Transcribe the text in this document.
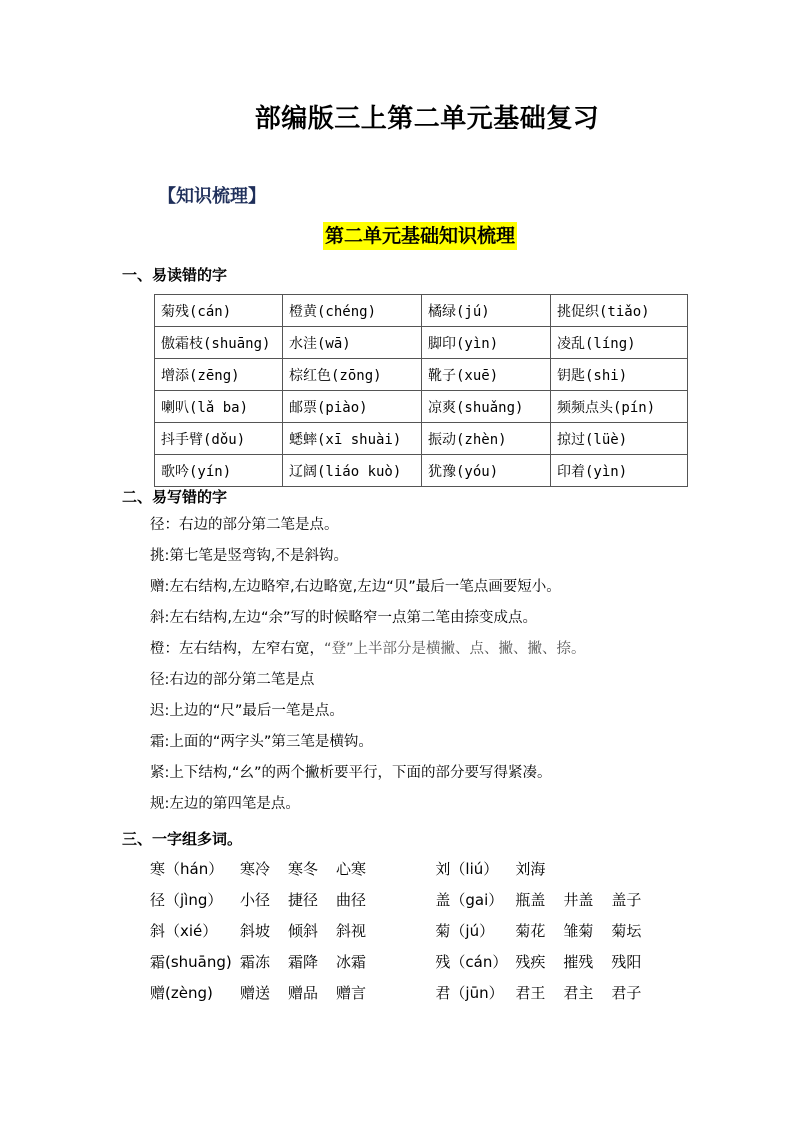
部编版三上第二单元基础复习
【知识梳理】
第二单元基础知识梳理
一、易读错的字
菊残(cán)	橙黄(chéng)	橘绿(jú)	挑促织(tiǎo)
傲霜枝(shuāng)	水洼(wā)	脚印(yìn)	凌乱(líng)
增添(zēng)	棕红色(zōng)	靴子(xuē)	钥匙(shi)
喇叭(lǎ ba)	邮票(piào)	凉爽(shuǎng)	频频点头(pín)
抖手臂(dǒu)	蟋蟀(xī shuài)	振动(zhèn)	掠过(lüè)
歌吟(yín)	辽阔(liáo kuò)	犹豫(yóu)	印着(yìn)
二、易写错的字
径：右边的部分第二笔是点。
挑:第七笔是竖弯钩,不是斜钩。
赠:左右结构,左边略窄,右边略宽,左边“贝”最后一笔点画要短小。
斜:左右结构,左边“余”写的时候略窄一点第二笔由捺变成点。
橙：左右结构，左窄右宽，“登”上半部分是横撇、点、撇、撇、捺。
径:右边的部分第二笔是点
迟:上边的“尺”最后一笔是点。
霜:上面的“两字头”第三笔是横钩。
紧:上下结构,“幺”的两个撇析要平行，下面的部分要写得紧凑。
规:左边的第四笔是点。
三、一字组多词。
寒（hán）	寒冷	寒冬	心寒	刘（liú）	刘海
径（jìng）	小径	捷径	曲径	盖（gai） 瓶盖	井盖	盖子
斜（xié）	斜坡	倾斜	斜视	菊（jú）	菊花	雏菊	菊坛
霜(shuāng) 霜冻	霜降	冰霜	残（cán） 残疾	摧残	残阳
赠(zèng)	赠送	赠品	赠言	君（jūn） 君王	君主	君子
